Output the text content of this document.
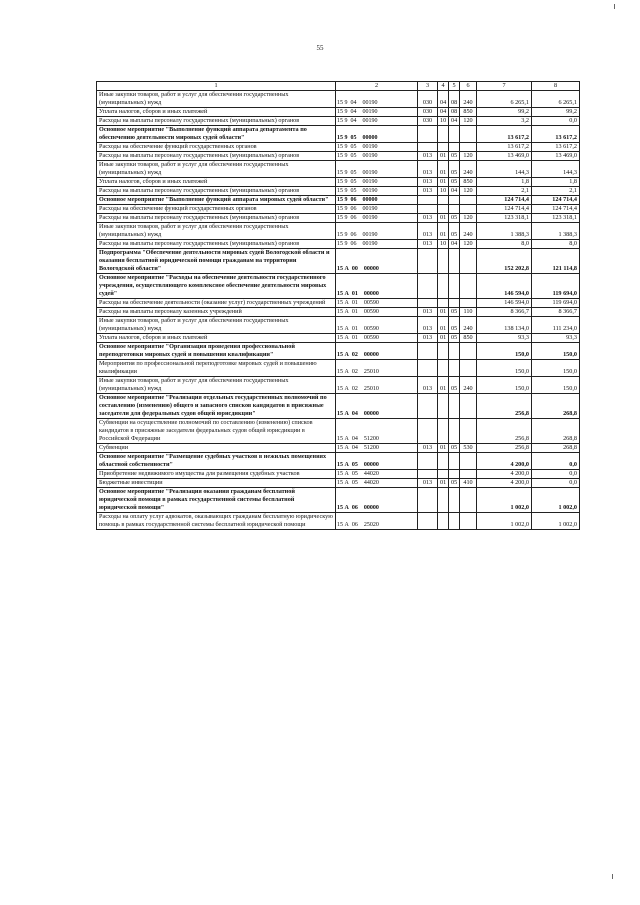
55
1	2	3	4	5	6	7	8
Иные закупки товаров, работ и услуг для обеспечения государственных (муниципальных) нужд	15 9  04    00190	030	04	08	240	6 265,1	6 265,1
Уплата налогов, сборов и иных платежей	15 9  04    00190	030	04	08	850	99,2	99,2
Расходы на выплаты персоналу государственных (муниципальных) органов	15 9  04    00190	030	10	04	120	3,2	0,0
Основное мероприятие "Выполнение функций аппарата департамента по обеспечению деятельности мировых судей области"	15 9  05    00000					13 617,2	13 617,2
Расходы на обеспечение функций государственных органов	15 9  05    00190					13 617,2	13 617,2
Расходы на выплаты персоналу государственных (муниципальных) органов	15 9  05    00190	013	01	05	120	13 469,0	13 469,0
Иные закупки товаров, работ и услуг для обеспечения государственных (муниципальных) нужд	15 9  05    00190	013	01	05	240	144,3	144,3
Уплата налогов, сборов и иных платежей	15 9  05    00190	013	01	05	850	1,8	1,8
Расходы на выплаты персоналу государственных (муниципальных) органов	15 9  05    00190	013	10	04	120	2,1	2,1
Основное мероприятие "Выполнение функций аппарата мировых судей области"	15 9  06    00000					124 714,4	124 714,4
Расходы на обеспечение функций государственных органов	15 9  06    00190					124 714,4	124 714,4
Расходы на выплаты персоналу государственных (муниципальных) органов	15 9  06    00190	013	01	05	120	123 318,1	123 318,1
Иные закупки товаров, работ и услуг для обеспечения государственных (муниципальных) нужд	15 9  06    00190	013	01	05	240	1 388,3	1 388,3
Расходы на выплаты персоналу государственных (муниципальных) органов	15 9  06    00190	013	10	04	120	8,0	8,0
Подпрограмма "Обеспечение деятельности мировых судей Вологодской области и оказания бесплатной юридической помощи гражданам на территории Вологодской области"	15 А  00    00000					152 202,8	121 114,8
Основное мероприятие "Расходы на обеспечение деятельности государственного учреждения, осуществляющего комплексное обеспечение деятельности мировых судей"	15 А  01    00000					146 594,0	119 694,0
Расходы на обеспечение деятельности (оказание услуг) государственных учреждений	15 А  01    00590					146 594,0	119 694,0
Расходы на выплаты персоналу казенных учреждений	15 А  01    00590	013	01	05	110	8 366,7	8 366,7
Иные закупки товаров, работ и услуг для обеспечения государственных (муниципальных) нужд	15 А  01    00590	013	01	05	240	138 134,0	111 234,0
Уплата налогов, сборов и иных платежей	15 А  01    00590	013	01	05	850	93,3	93,3
Основное мероприятие "Организация проведения профессиональной переподготовки мировых судей и повышения квалификации"	15 А  02    00000					150,0	150,0
Мероприятия по профессиональной переподготовке мировых судей и повышению квалификации	15 А  02    25010					150,0	150,0
Иные закупки товаров, работ и услуг для обеспечения государственных (муниципальных) нужд	15 А  02    25010	013	01	05	240	150,0	150,0
Основное мероприятие "Реализация отдельных государственных полномочий по составлению (изменению) общего и запасного списков кандидатов в присяжные заседатели для федеральных судов общей юрисдикции"	15 А  04    00000					256,8	268,8
Субвенции на осуществление полномочий по составлению (изменению) списков кандидатов в присяжные заседатели федеральных судов общей юрисдикции в Российской Федерации	15 А  04    51200					256,8	268,8
Субвенции	15 А  04    51200	013	01	05	530	256,8	268,8
Основное мероприятие "Размещение судебных участков в нежилых помещениях областной собственности"	15 А  05    00000					4 200,0	0,0
Приобретение недвижимого имущества для размещения судебных участков	15 А  05    44020					4 200,0	0,0
Бюджетные инвестиции	15 А  05    44020	013	01	05	410	4 200,0	0,0
Основное мероприятие "Реализация оказания гражданам бесплатной юридической помощи в рамках государственной системы бесплатной юридической помощи"	15 А  06    00000					1 002,0	1 002,0
Расходы на оплату услуг адвокатов, оказывающих гражданам бесплатную юридическую помощь в рамках государственной системы бесплатной юридической помощи	15 А  06    25020					1 002,0	1 002,0
